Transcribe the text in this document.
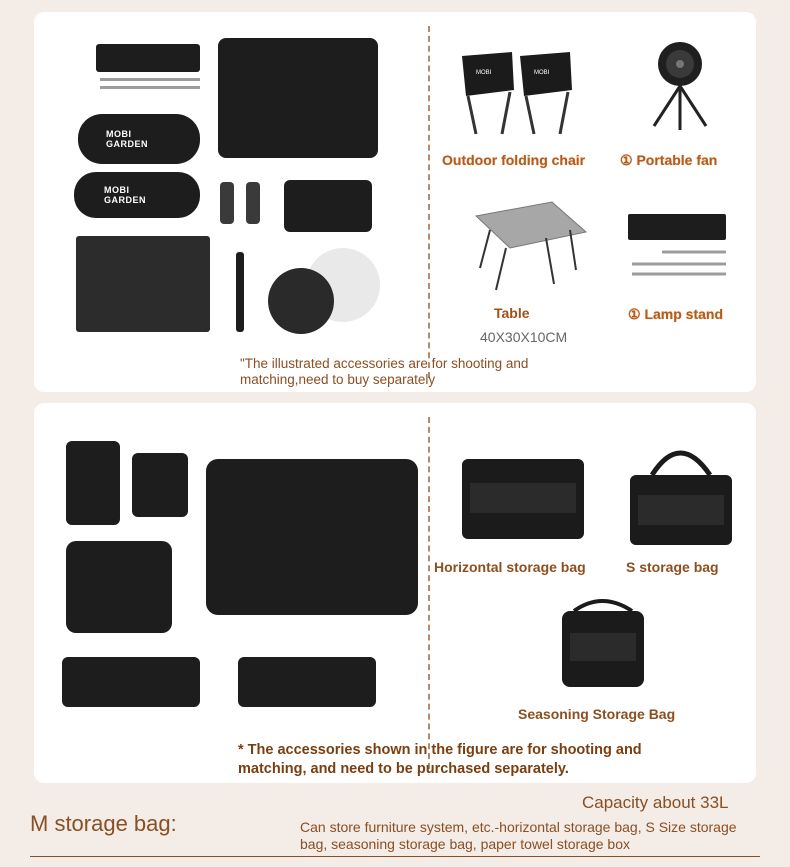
MOBI
GARDEN
MOBI
GARDEN
MOBI	MOBI
Outdoor folding chair ① Portable fan
Table
40X30X10CM
① Lamp stand
"The illustrated accessories are for shooting and matching,need to buy separately
Horizontal storage bag	S storage bag
Seasoning Storage Bag
* The accessories shown in the figure are for shooting and matching, and need to be purchased separately.
Capacity about 33L
M storage bag:	Can store furniture system, etc.-horizontal storage bag, S Size storage bag, seasoning storage bag, paper towel storage box
